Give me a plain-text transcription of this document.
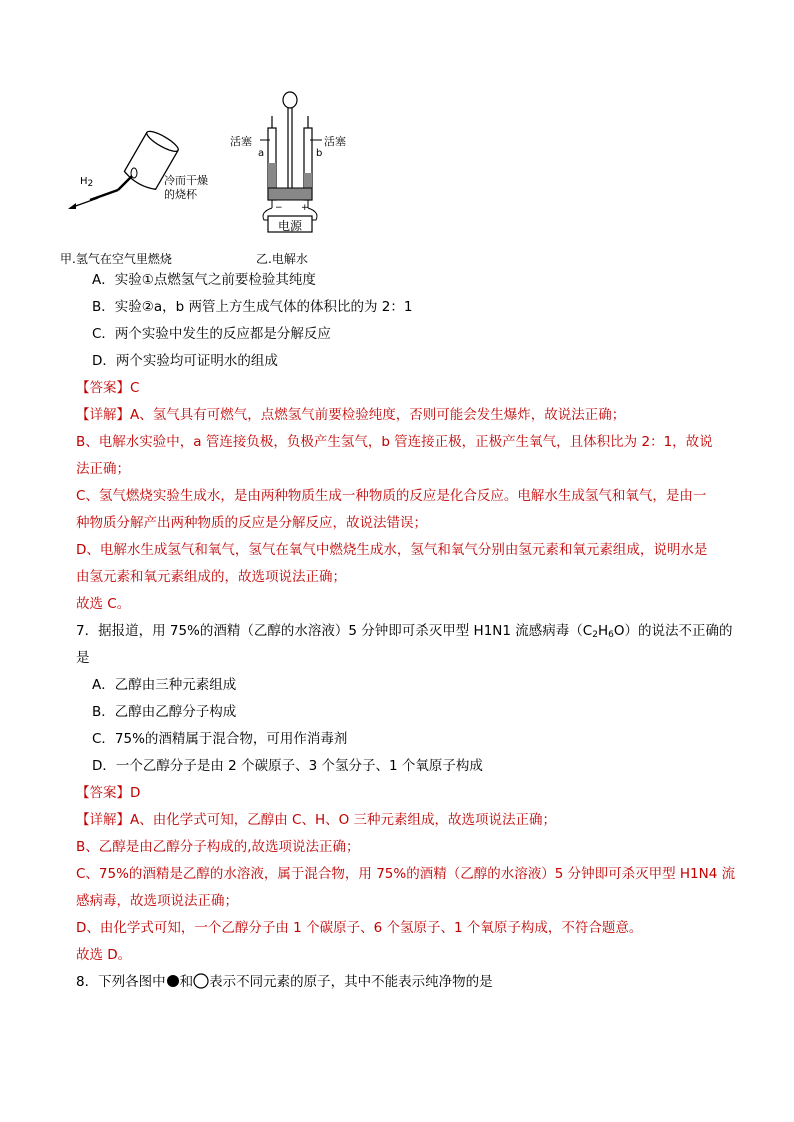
$H_2$	冷而干燥
的烧杯
活塞	活塞
a	b
− +
电源
甲.氢气在空气里燃烧	乙.电解水
A．实验①点燃氢气之前要检验其纯度
B．实验②a，b 两管上方生成气体的体积比的为 2：1
C．两个实验中发生的反应都是分解反应
D．两个实验均可证明水的组成
【答案】C
【详解】A、氢气具有可燃气，点燃氢气前要检验纯度，否则可能会发生爆炸，故说法正确；
B、电解水实验中，a 管连接负极，负极产生氢气，b 管连接正极，正极产生氧气，且体积比为 2：1，故说
法正确；
C、氢气燃烧实验生成水，是由两种物质生成一种物质的反应是化合反应。电解水生成氢气和氧气，是由一
种物质分解产出两种物质的反应是分解反应，故说法错误；
D、电解水生成氢气和氧气，氢气在氧气中燃烧生成水，氢气和氧气分别由氢元素和氧元素组成，说明水是
由氢元素和氧元素组成的，故选项说法正确；
故选 C。
7．据报道，用 75%的酒精（乙醇的水溶液）5 分钟即可杀灭甲型 H1N1 流感病毒$(C_2H_6O)$的说法不正确的
是
A．乙醇由三种元素组成
B．乙醇由乙醇分子构成
C．75%的酒精属于混合物，可用作消毒剂
D．一个乙醇分子是由 2 个碳原子、3 个氢分子、1 个氧原子构成
【答案】D
【详解】A、由化学式可知，乙醇由 C、H、O 三种元素组成，故选项说法正确；
B、乙醇是由乙醇分子构成的,故选项说法正确；
C、75%的酒精是乙醇的水溶液，属于混合物，用 75%的酒精（乙醇的水溶液）5 分钟即可杀灭甲型 H1N4 流
感病毒，故选项说法正确；
D、由化学式可知，一个乙醇分子由 1 个碳原子、6 个氢原子、1 个氧原子构成，不符合题意。
故选 D。
8．下列各图中 和 表示不同元素的原子，其中不能表示纯净物的是
